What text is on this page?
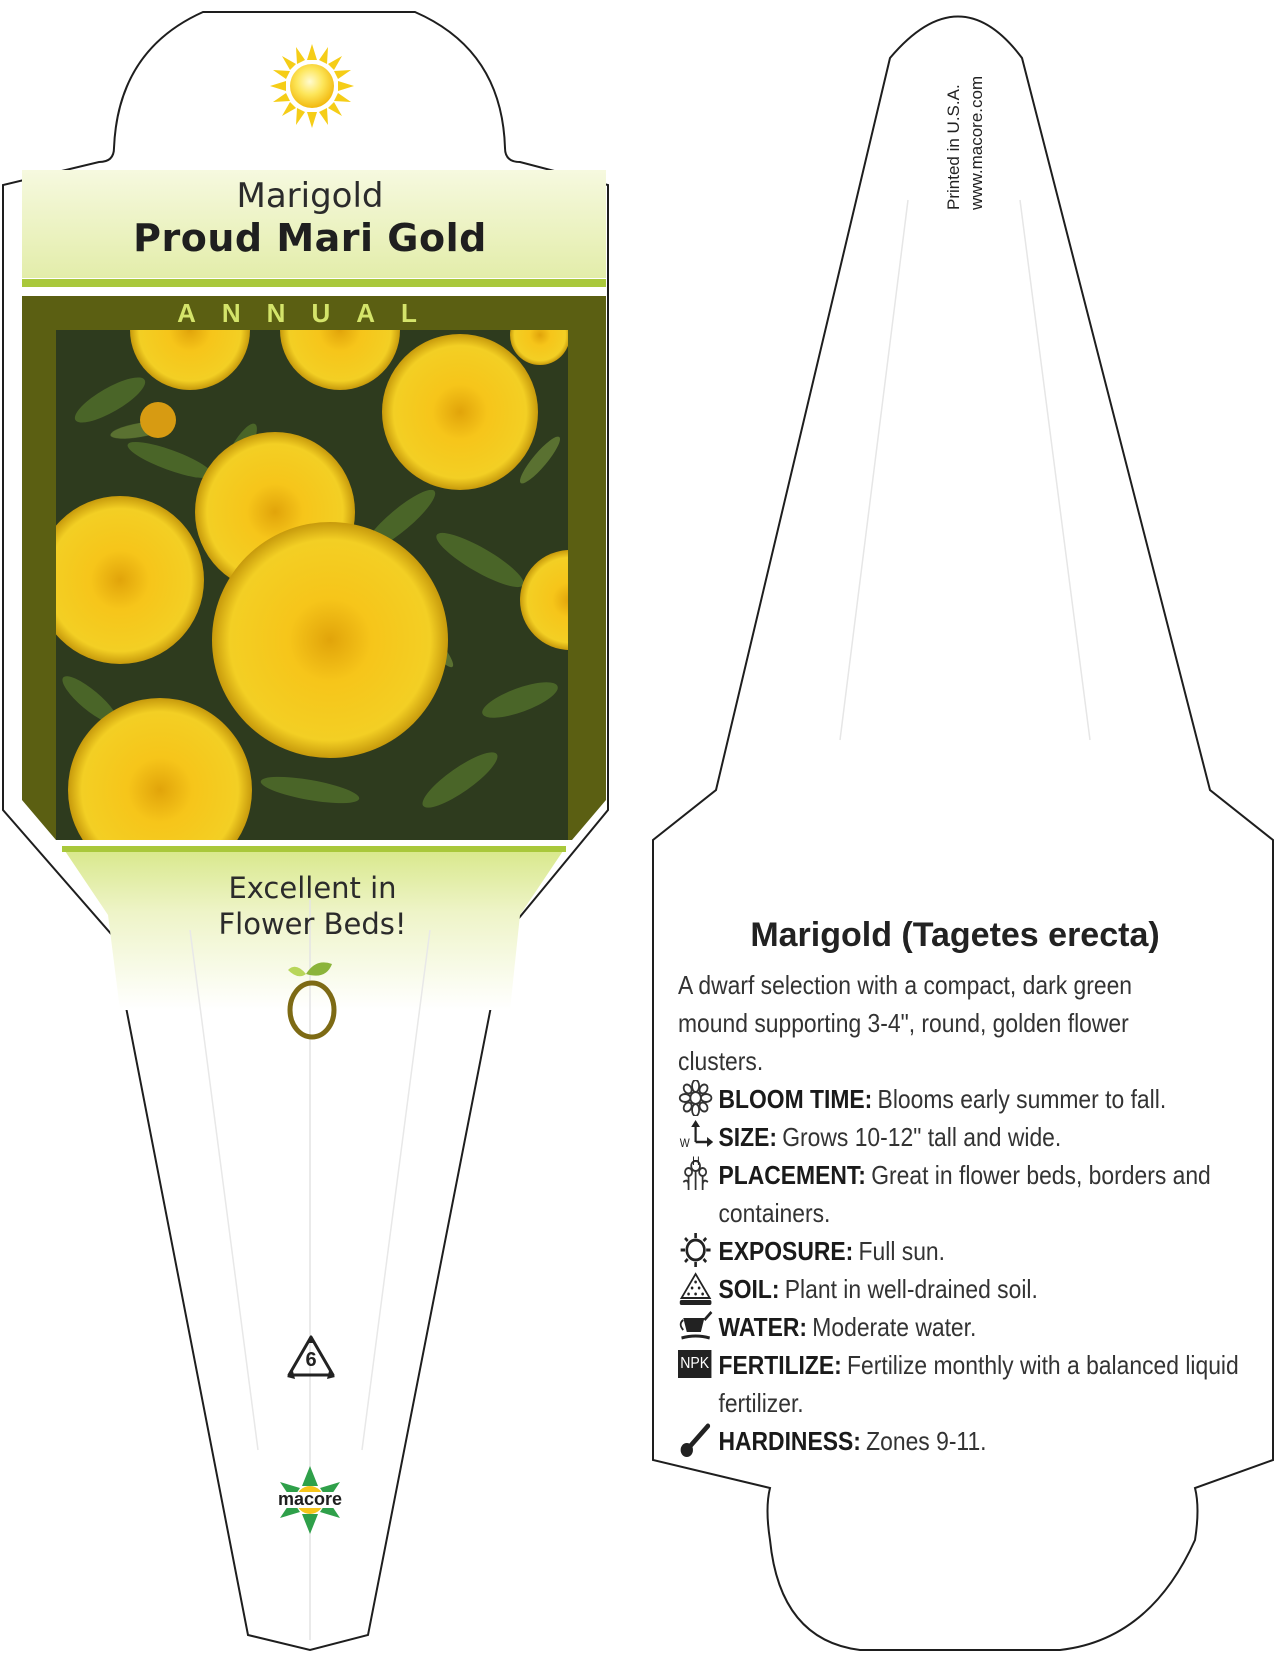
Marigold
Proud Mari Gold
ANNUAL
Excellent in
Flower Beds!
6
macore
Printed in U.S.A. www.macore.com
Marigold (Tagetes erecta)
A dwarf selection with a compact, dark green mound supporting 3-4", round, golden flower clusters.
BLOOM TIME: Blooms early summer to fall.
W
H
SIZE: Grows 10-12" tall and wide.
PLACEMENT: Great in flower beds, borders and containers.
EXPOSURE: Full sun.
SOIL: Plant in well-drained soil.
WATER: Moderate water.
NPK FERTILIZE: Fertilize monthly with a balanced liquid fertilizer.
HARDINESS: Zones 9-11.
